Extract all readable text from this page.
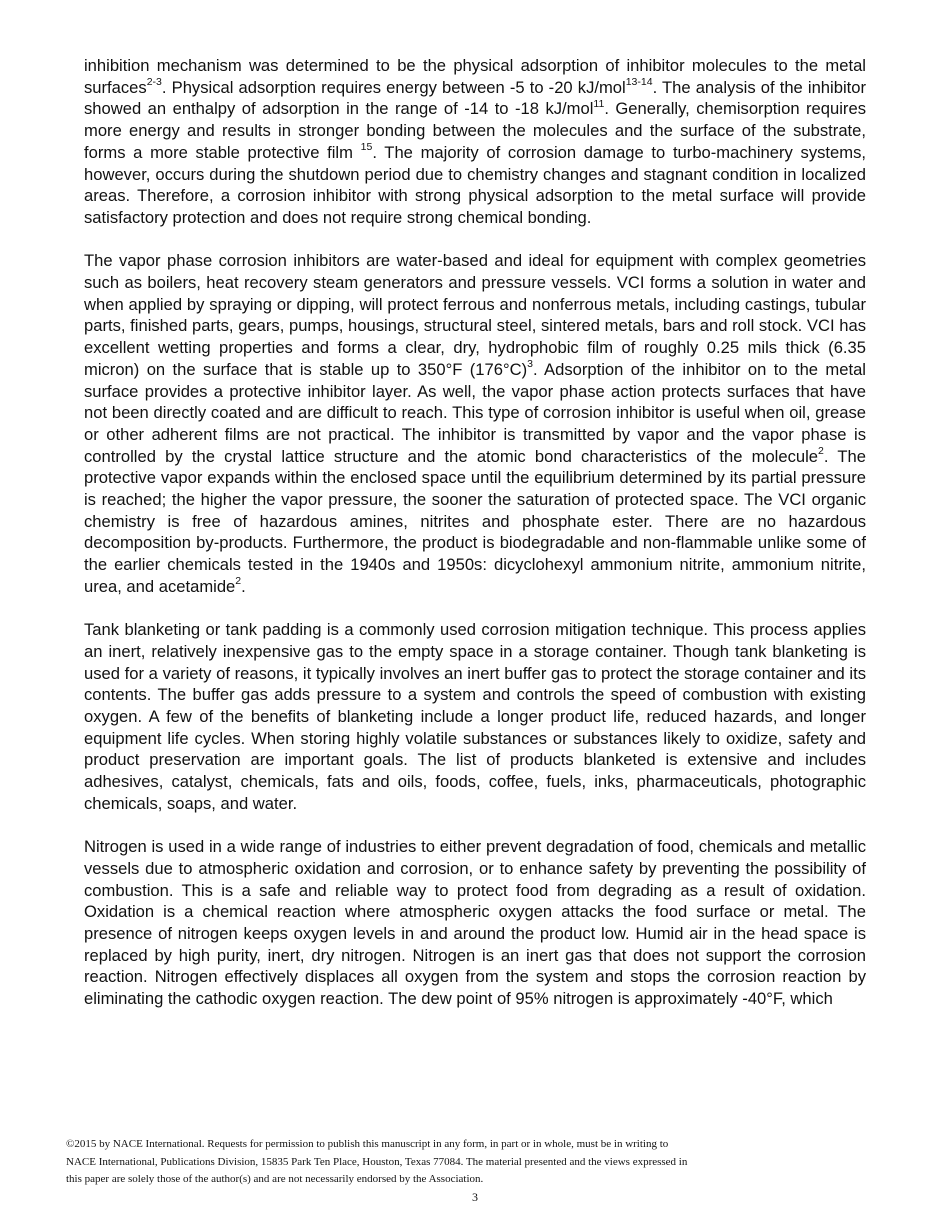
inhibition mechanism was determined to be the physical adsorption of inhibitor molecules to the metal surfaces$^{2-3}$. Physical adsorption requires energy between -5 to -20 kJ/mol$^{13-14}$. The analysis of the inhibitor showed an enthalpy of adsorption in the range of -14 to -18 kJ/mol$^{11}$. Generally, chemisorption requires more energy and results in stronger bonding between the molecules and the surface of the substrate, forms a more stable protective film $^{15}$. The majority of corrosion damage to turbo-machinery systems, however, occurs during the shutdown period due to chemistry changes and stagnant condition in localized areas. Therefore, a corrosion inhibitor with strong physical adsorption to the metal surface will provide satisfactory protection and does not require strong chemical bonding.

The vapor phase corrosion inhibitors are water-based and ideal for equipment with complex geometries such as boilers, heat recovery steam generators and pressure vessels. VCI forms a solution in water and when applied by spraying or dipping, will protect ferrous and nonferrous metals, including castings, tubular parts, finished parts, gears, pumps, housings, structural steel, sintered metals, bars and roll stock. VCI has excellent wetting properties and forms a clear, dry, hydrophobic film of roughly 0.25 mils thick (6.35 micron) on the surface that is stable up to 350°F $(176^\circ C)^3$. Adsorption of the inhibitor on to the metal surface provides a protective inhibitor layer. As well, the vapor phase action protects surfaces that have not been directly coated and are difficult to reach. This type of corrosion inhibitor is useful when oil, grease or other adherent films are not practical. The inhibitor is transmitted by vapor and the vapor phase is controlled by the crystal lattice structure and the atomic bond characteristics of the molecule$^2$. The protective vapor expands within the enclosed space until the equilibrium determined by its partial pressure is reached; the higher the vapor pressure, the sooner the saturation of protected space. The VCI organic chemistry is free of hazardous amines, nitrites and phosphate ester. There are no hazardous decomposition by-products. Furthermore, the product is biodegradable and non-flammable unlike some of the earlier chemicals tested in the 1940s and 1950s: dicyclohexyl ammonium nitrite, ammonium nitrite, urea, and acetamide$^2$.

Tank blanketing or tank padding is a commonly used corrosion mitigation technique. This process applies an inert, relatively inexpensive gas to the empty space in a storage container. Though tank blanketing is used for a variety of reasons, it typically involves an inert buffer gas to protect the storage container and its contents. The buffer gas adds pressure to a system and controls the speed of combustion with existing oxygen. A few of the benefits of blanketing include a longer product life, reduced hazards, and longer equipment life cycles. When storing highly volatile substances or substances likely to oxidize, safety and product preservation are important goals. The list of products blanketed is extensive and includes adhesives, catalyst, chemicals, fats and oils, foods, coffee, fuels, inks, pharmaceuticals, photographic chemicals, soaps, and water.

Nitrogen is used in a wide range of industries to either prevent degradation of food, chemicals and metallic vessels due to atmospheric oxidation and corrosion, or to enhance safety by preventing the possibility of combustion. This is a safe and reliable way to protect food from degrading as a result of oxidation. Oxidation is a chemical reaction where atmospheric oxygen attacks the food surface or metal. The presence of nitrogen keeps oxygen levels in and around the product low. Humid air in the head space is replaced by high purity, inert, dry nitrogen. Nitrogen is an inert gas that does not support the corrosion reaction. Nitrogen effectively displaces all oxygen from the system and stops the corrosion reaction by eliminating the cathodic oxygen reaction. The dew point of 95% nitrogen is approximately -40°F, which

©2015 by NACE International. Requests for permission to publish this manuscript in any form, in part or in whole, must be in writing to

NACE International, Publications Division, 15835 Park Ten Place, Houston, Texas 77084. The material presented and the views expressed in

this paper are solely those of the author(s) and are not necessarily endorsed by the Association.

3
